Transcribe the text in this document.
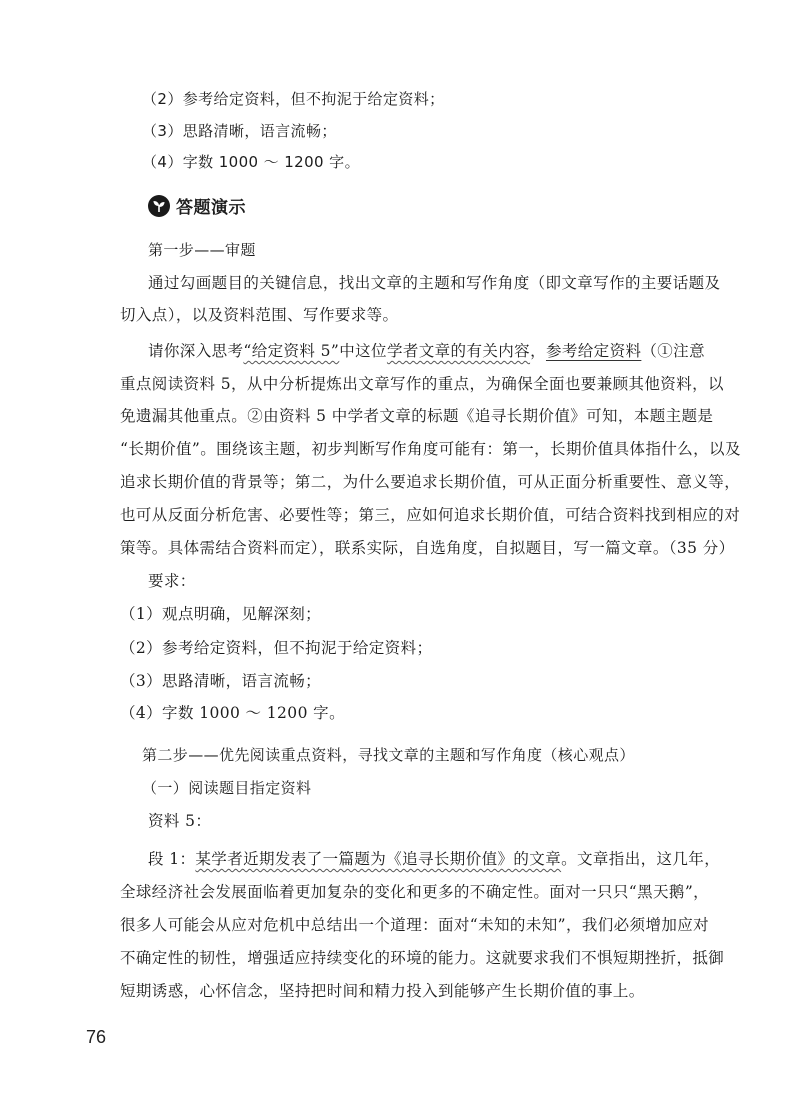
（2）参考给定资料，但不拘泥于给定资料；
（3）思路清晰，语言流畅；
（4）字数 1000 ～ 1200 字。
答题演示
第一步——审题
通过勾画题目的关键信息，找出文章的主题和写作角度（即文章写作的主要话题及
切入点），以及资料范围、写作要求等。
请你深入思考“给定资料 5”中这位学者文章的有关内容，参考给定资料（①注意
重点阅读资料 5，从中分析提炼出文章写作的重点，为确保全面也要兼顾其他资料，以
免遗漏其他重点。②由资料 5 中学者文章的标题《追寻长期价值》可知，本题主题是
“长期价值”。围绕该主题，初步判断写作角度可能有：第一，长期价值具体指什么，以及
追求长期价值的背景等；第二，为什么要追求长期价值，可从正面分析重要性、意义等，
也可从反面分析危害、必要性等；第三，应如何追求长期价值，可结合资料找到相应的对
策等。具体需结合资料而定），联系实际，自选角度，自拟题目，写一篇文章。（35 分）
要求：
（1）观点明确，见解深刻；
（2）参考给定资料，但不拘泥于给定资料；
（3）思路清晰，语言流畅；
（4）字数 1000 ～ 1200 字。
第二步——优先阅读重点资料，寻找文章的主题和写作角度（核心观点）
（一）阅读题目指定资料
资料 5：
段 1：某学者近期发表了一篇题为《追寻长期价值》的文章。文章指出，这几年，
全球经济社会发展面临着更加复杂的变化和更多的不确定性。面对一只只“黑天鹅”，
很多人可能会从应对危机中总结出一个道理：面对“未知的未知”，我们必须增加应对
不确定性的韧性，增强适应持续变化的环境的能力。这就要求我们不惧短期挫折，抵御
短期诱惑，心怀信念，坚持把时间和精力投入到能够产生长期价值的事上。
76
